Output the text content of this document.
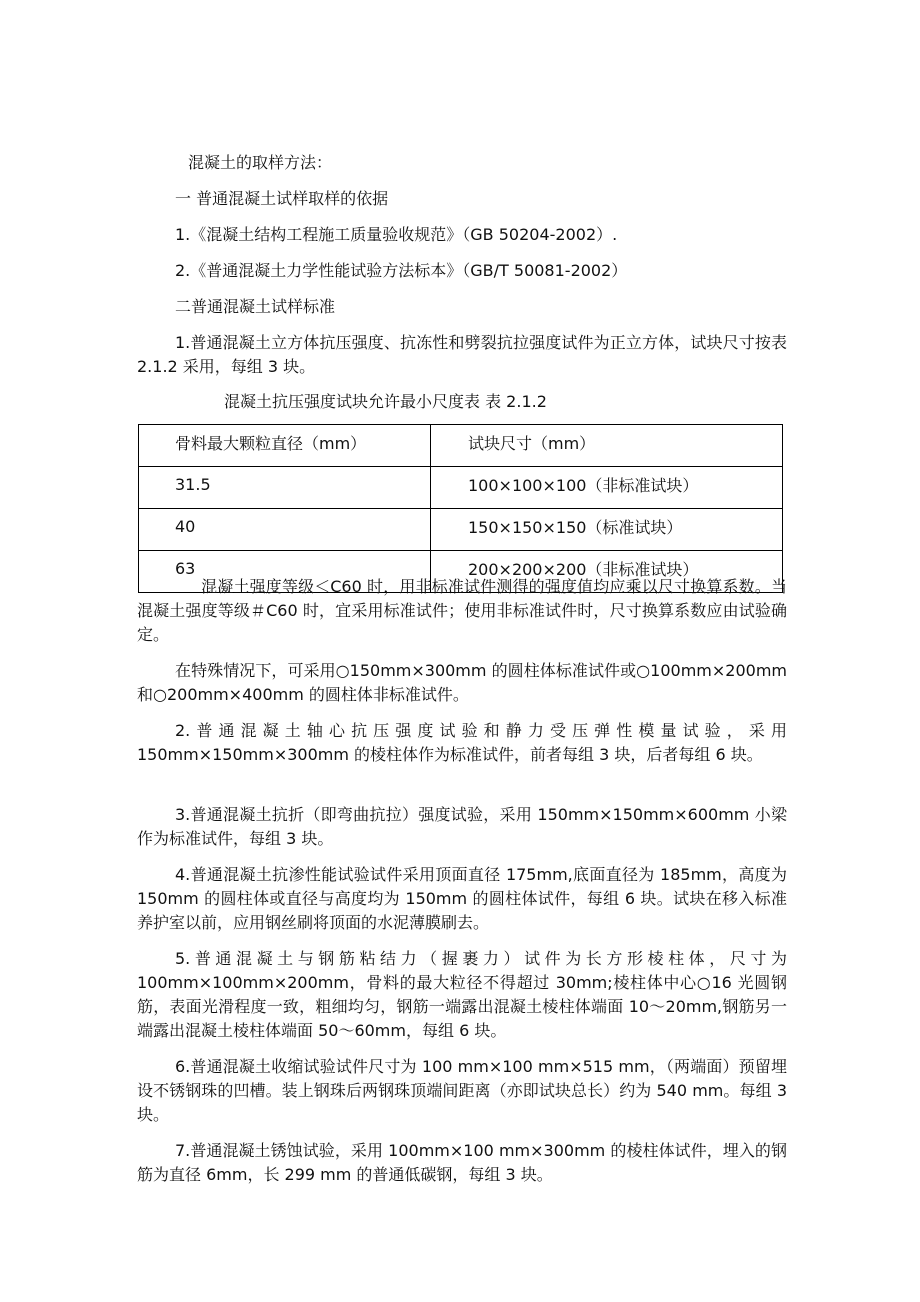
混凝土的取样方法：
一 普通混凝土试样取样的依据
1.《混凝土结构工程施工质量验收规范》（GB 50204-2002）.
2.《普通混凝土力学性能试验方法标本》（GB/T 50081-2002）
二普通混凝土试样标准
1.普通混凝土立方体抗压强度、抗冻性和劈裂抗拉强度试件为正立方体，试块尺寸按表 2.1.2 采用，每组 3 块。
混凝土抗压强度试块允许最小尺度表 表 2.1.2
骨料最大颗粒直径（mm）	试块尺寸（mm）
31.5	100×100×100（非标准试块）
40	150×150×150（标准试块）
63	200×200×200（非标准试块）
混凝土强度等级＜C60 时，用非标准试件测得的强度值均应乘以尺寸换算系数。当混凝土强度等级＃C60 时，宜采用标准试件；使用非标准试件时，尺寸换算系数应由试验确定。
在特殊情况下，可采用○150mm×300mm 的圆柱体标准试件或○100mm×200mm 和○200mm×400mm 的圆柱体非标准试件。
2.普通混凝土轴心抗压强度试验和静力受压弹性模量试验，采用 150mm×150mm×300mm 的棱柱体作为标准试件，前者每组 3 块，后者每组 6 块。
3.普通混凝土抗折（即弯曲抗拉）强度试验，采用 150mm×150mm×600mm 小梁作为标准试件，每组 3 块。
4.普通混凝土抗渗性能试验试件采用顶面直径 175mm,底面直径为 185mm，高度为 150mm 的圆柱体或直径与高度均为 150mm 的圆柱体试件，每组 6 块。试块在移入标准养护室以前，应用钢丝刷将顶面的水泥薄膜刷去。
5.普通混凝土与钢筋粘结力（握裹力）试件为长方形棱柱体，尺寸为 100mm×100mm×200mm，骨料的最大粒径不得超过 30mm;棱柱体中心○16 光圆钢筋，表面光滑程度一致，粗细均匀，钢筋一端露出混凝土棱柱体端面 10～20mm,钢筋另一端露出混凝土棱柱体端面 50～60mm，每组 6 块。
6.普通混凝土收缩试验试件尺寸为 100 mm×100 mm×515 mm，（两端面）预留埋设不锈钢珠的凹槽。装上钢珠后两钢珠顶端间距离（亦即试块总长）约为 540 mm。每组 3 块。
7.普通混凝土锈蚀试验，采用 100mm×100 mm×300mm 的棱柱体试件，埋入的钢筋为直径 6mm，长 299 mm 的普通低碳钢，每组 3 块。
